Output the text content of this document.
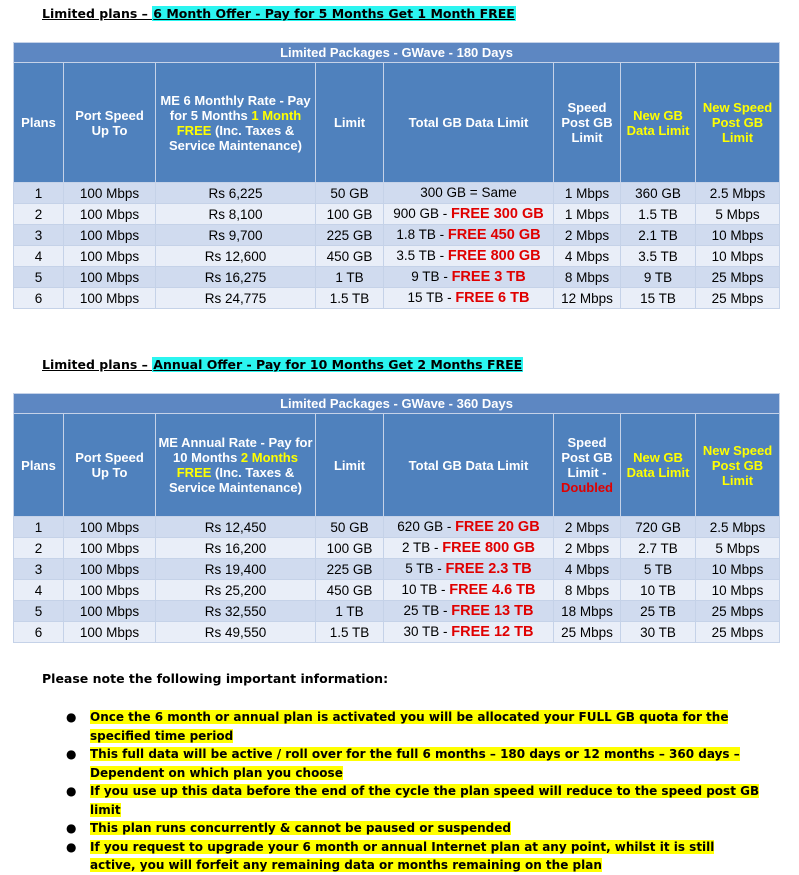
Limited plans – 6 Month Offer - Pay for 5 Months Get 1 Month FREE
Limited Packages - GWave - 180 Days							
Plans	Port Speed Up To	ME 6 Monthly Rate - Pay for 5 Months 1 Month FREE (Inc. Taxes & Service Maintenance)	Limit	Total GB Data Limit	Speed Post GB Limit	New GB Data Limit	New Speed Post GB Limit
1	100 Mbps	Rs 6,225	50 GB	300 GB = Same	1 Mbps	360 GB	2.5 Mbps
2	100 Mbps	Rs 8,100	100 GB	900 GB - FREE 300 GB	1 Mbps	1.5 TB	5 Mbps
3	100 Mbps	Rs 9,700	225 GB	1.8 TB - FREE 450 GB	2 Mbps	2.1 TB	10 Mbps
4	100 Mbps	Rs 12,600	450 GB	3.5 TB - FREE 800 GB	4 Mbps	3.5 TB	10 Mbps
5	100 Mbps	Rs 16,275	1 TB	9 TB - FREE 3 TB	8 Mbps	9 TB	25 Mbps
6	100 Mbps	Rs 24,775	1.5 TB	15 TB - FREE 6 TB	12 Mbps	15 TB	25 Mbps
Limited plans – Annual Offer - Pay for 10 Months Get 2 Months FREE
Limited Packages - GWave - 360 Days							
Plans	Port Speed Up To	ME Annual Rate - Pay for 10 Months 2 Months FREE (Inc. Taxes & Service Maintenance)	Limit	Total GB Data Limit	Speed Post GB Limit - Doubled	New GB Data Limit	New Speed Post GB Limit
1	100 Mbps	Rs 12,450	50 GB	620 GB - FREE 20 GB	2 Mbps	720 GB	2.5 Mbps
2	100 Mbps	Rs 16,200	100 GB	2 TB - FREE 800 GB	2 Mbps	2.7 TB	5 Mbps
3	100 Mbps	Rs 19,400	225 GB	5 TB - FREE 2.3 TB	4 Mbps	5 TB	10 Mbps
4	100 Mbps	Rs 25,200	450 GB	10 TB - FREE 4.6 TB	8 Mbps	10 TB	10 Mbps
5	100 Mbps	Rs 32,550	1 TB	25 TB - FREE 13 TB	18 Mbps	25 TB	25 Mbps
6	100 Mbps	Rs 49,550	1.5 TB	30 TB - FREE 12 TB	25 Mbps	30 TB	25 Mbps
Please note the following important information:
● Once the 6 month or annual plan is activated you will be allocated your FULL GB quota for the specified time period
● This full data will be active / roll over for the full 6 months – 180 days or 12 months – 360 days – Dependent on which plan you choose
● If you use up this data before the end of the cycle the plan speed will reduce to the speed post GB limit
● This plan runs concurrently & cannot be paused or suspended
● If you request to upgrade your 6 month or annual Internet plan at any point, whilst it is still active, you will forfeit any remaining data or months remaining on the plan
